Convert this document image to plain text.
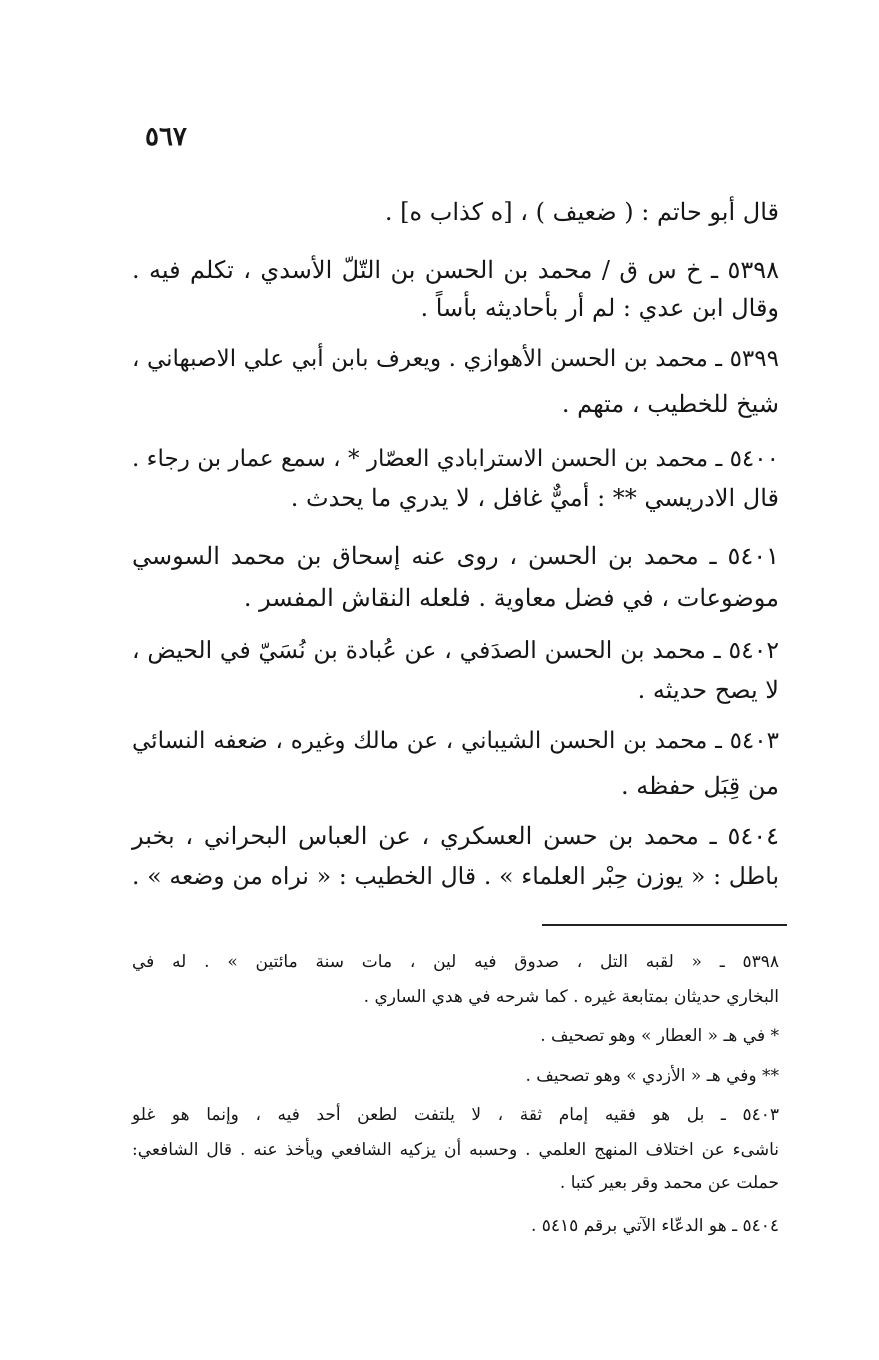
٥٦٧
قال أبو حاتم : ( ضعيف ) ، [ه كذاب ه] .
٥٣٩٨ ـ خ س ق / محمد بن الحسن بن التّلّ الأسدي ، تكلم فيه .
وقال ابن عدي : لم أر بأحاديثه بأساً .
٥٣٩٩ ـ محمد بن الحسن الأهوازي . ويعرف بابن أبي علي الاصبهاني ،
شيخ للخطيب ، متهم .
٥٤٠٠ ـ محمد بن الحسن الاسترابادي العصّار * ، سمع عمار بن رجاء .
قال الادريسي ** : أميٌّ غافل ، لا يدري ما يحدث .
٥٤٠١ ـ محمد بن الحسن ، روى عنه إسحاق بن محمد السوسي
موضوعات ، في فضل معاوية . فلعله النقاش المفسر .
٥٤٠٢ ـ محمد بن الحسن الصدَفي ، عن عُبادة بن نُسَيّ في الحيض ،
لا يصح حديثه .
٥٤٠٣ ـ محمد بن الحسن الشيباني ، عن مالك وغيره ، ضعفه النسائي
من قِبَل حفظه .
٥٤٠٤ ـ محمد بن حسن العسكري ، عن العباس البحراني ، بخبر
باطل : « يوزن حِبْر العلماء » . قال الخطيب : « نراه من وضعه » .
٥٣٩٨ ـ « لقبه التل ، صدوق فيه لين ، مات سنة مائتين » . له في
البخاري حديثان بمتابعة غيره . كما شرحه في هدي الساري .
* في هـ « العطار » وهو تصحيف .
** وفي هـ « الأزدي » وهو تصحيف .
٥٤٠٣ ـ بل هو فقيه إمام ثقة ، لا يلتفت لطعن أحد فيه ، وإنما هو غلو
ناشىء عن اختلاف المنهج العلمي . وحسبه أن يزكيه الشافعي ويأخذ عنه . قال الشافعي:
حملت عن محمد وقر بعير كتبا .
٥٤٠٤ ـ هو الدعّاء الآتي برقم ٥٤١٥ .
